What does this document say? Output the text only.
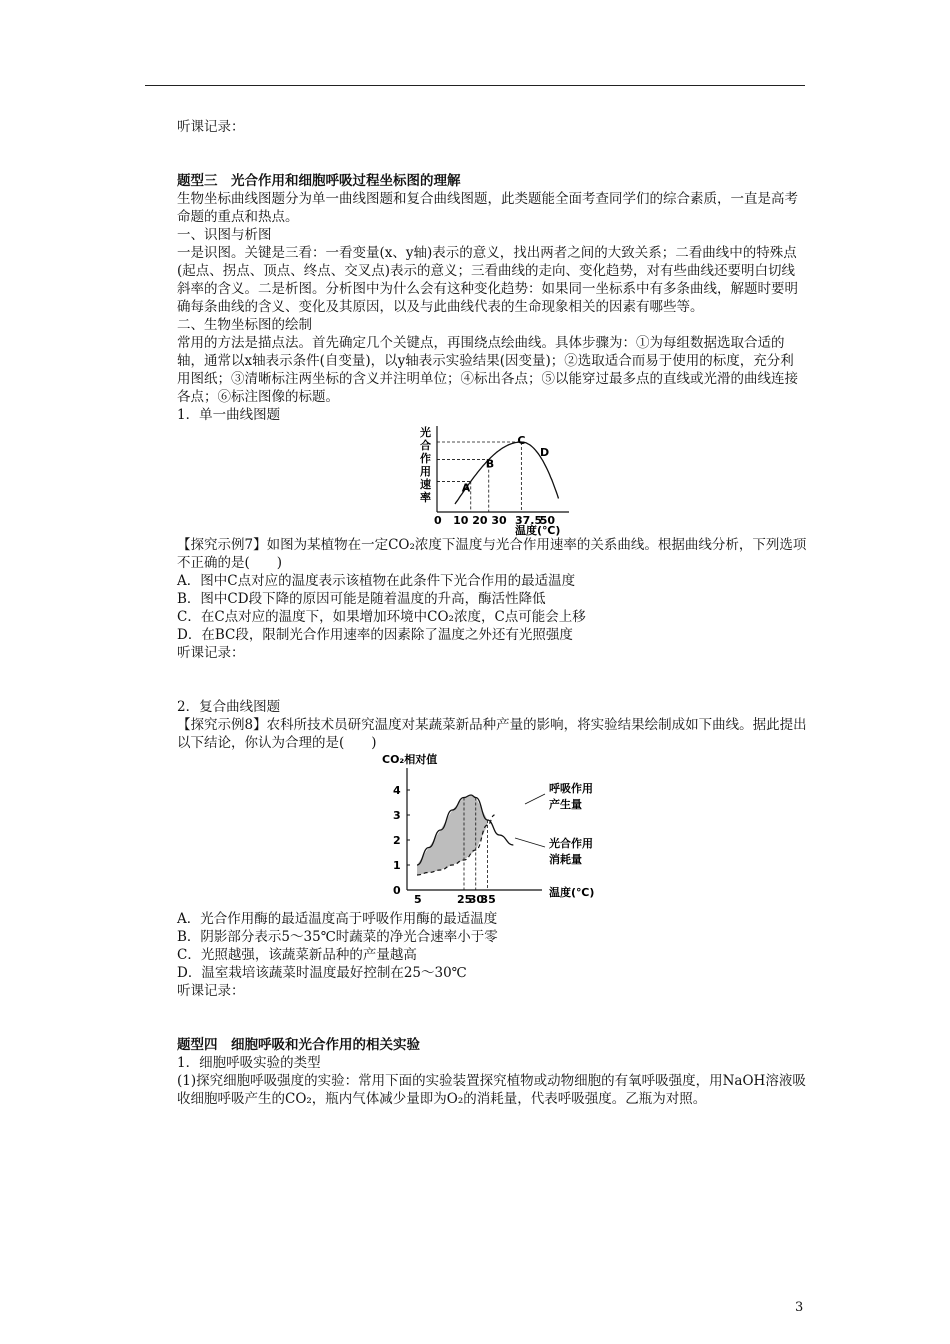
听课记录：

题型三　光合作用和细胞呼吸过程坐标图的理解

生物坐标曲线图题分为单一曲线图题和复合曲线图题，此类题能全面考查同学们的综合素质，一直是高考命题的重点和热点。

一、识图与析图

一是识图。关键是三看：一看变量(x、y轴)表示的意义，找出两者之间的大致关系；二看曲线中的特殊点(起点、拐点、顶点、终点、交叉点)表示的意义；三看曲线的走向、变化趋势，对有些曲线还要明白切线斜率的含义。二是析图。分析图中为什么会有这种变化趋势：如果同一坐标系中有多条曲线，解题时要明确每条曲线的含义、变化及其原因，以及与此曲线代表的生命现象相关的因素有哪些等。

二、生物坐标图的绘制

常用的方法是描点法。首先确定几个关键点，再围绕点绘曲线。具体步骤为：①为每组数据选取合适的轴，通常以x轴表示条件(自变量)，以y轴表示实验结果(因变量)；②选取适合而易于使用的标度，充分利用图纸；③清晰标注两坐标的含义并注明单位；④标出各点；⑤以能穿过最多点的直线或光滑的曲线连接各点；⑥标注图像的标题。

1．单一曲线图题

光
合
作
用
速
率
A
B
C
D
0 10 20 30 37.5
50
温度(℃)

【探究示例7】如图为某植物在一定CO₂浓度下温度与光合作用速率的关系曲线。根据曲线分析，下列选项不正确的是(　　)

A．图中C点对应的温度表示该植物在此条件下光合作用的最适温度

B．图中CD段下降的原因可能是随着温度的升高，酶活性降低

C．在C点对应的温度下，如果增加环境中CO₂浓度，C点可能会上移

D．在BC段，限制光合作用速率的因素除了温度之外还有光照强度

听课记录：

2．复合曲线图题

【探究示例8】农科所技术员研究温度对某蔬菜新品种产量的影响，将实验结果绘制成如下曲线。据此提出以下结论，你认为合理的是(　　)

CO₂相对值
0
1
2
3
4
5	25
30
35
呼吸作用
产生量
光合作用
消耗量
温度(℃)

A．光合作用酶的最适温度高于呼吸作用酶的最适温度

B．阴影部分表示5～35℃时蔬菜的净光合速率小于零

C．光照越强，该蔬菜新品种的产量越高

D．温室栽培该蔬菜时温度最好控制在25～30℃

听课记录：

题型四　细胞呼吸和光合作用的相关实验

1．细胞呼吸实验的类型

(1)探究细胞呼吸强度的实验：常用下面的实验装置探究植物或动物细胞的有氧呼吸强度，用NaOH溶液吸收细胞呼吸产生的CO₂，瓶内气体减少量即为O₂的消耗量，代表呼吸强度。乙瓶为对照。

3
